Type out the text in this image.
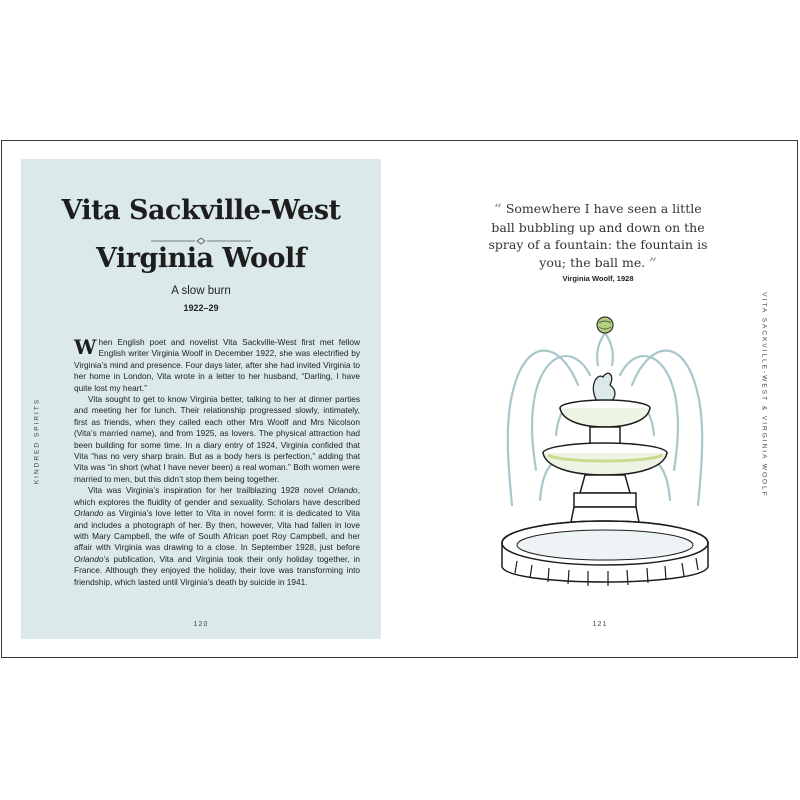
Vita Sackville-West
Virginia Woolf
A slow burn
1922–29

When English poet and novelist Vita Sackville-West first met fellow English writer Virginia Woolf in December 1922, she was electrified by Virginia’s mind and presence. Four days later, after she had invited Virginia to her home in London, Vita wrote in a letter to her husband, “Darling, I have quite lost my heart.”

Vita sought to get to know Virginia better, talking to her at dinner parties and meeting her for lunch. Their relationship progressed slowly, intimately, first as friends, when they called each other Mrs Woolf and Mrs Nicolson (Vita’s married name), and from 1925, as lovers. The physical attraction had been building for some time. In a diary entry of 1924, Virginia confided that Vita “has no very sharp brain. But as a body hers is perfection,” adding that Vita was “in short (what I have never been) a real woman.” Both women were married to men, but this didn’t stop them being together.

Vita was Virginia’s inspiration for her trailblazing 1928 novel Orlando, which explores the fluidity of gender and sexuality. Scholars have described Orlando as Virginia’s love letter to Vita in novel form: it is dedicated to Vita and includes a photograph of her. By then, however, Vita had fallen in love with Mary Campbell, the wife of South African poet Roy Campbell, and her affair with Virginia was drawing to a close. In September 1928, just before Orlando’s publication, Vita and Virginia took their only holiday together, in France. Although they enjoyed the holiday, their love was transforming into friendship, which lasted until Virginia’s death by suicide in 1941.

120
KINDRED SPIRITS	VITA SACKVILLE-WEST & VIRGINIA WOOLF
“ Somewhere I have seen a little ball bubbling up and down on the spray of a fountain: the fountain is you; the ball me. ”
Virginia Woolf, 1928
121
